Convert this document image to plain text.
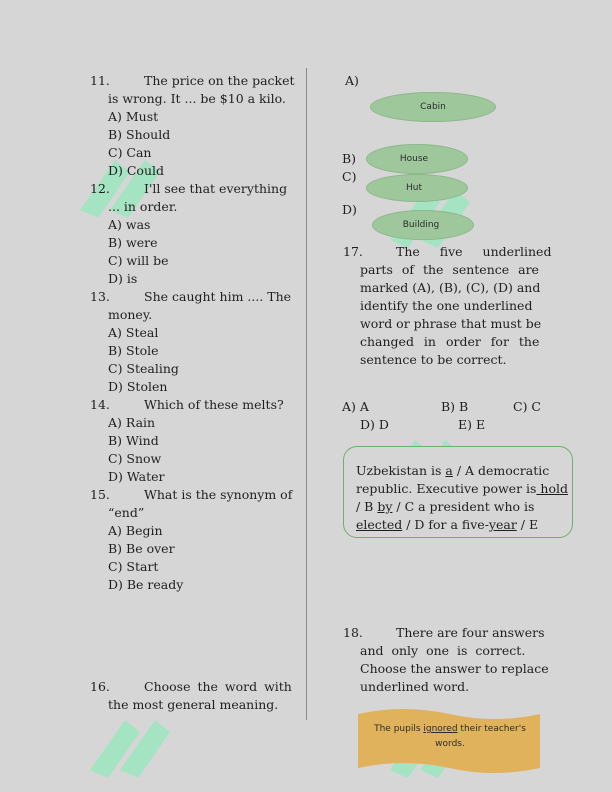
11.	The price on the packet
is wrong. It ... be $10 a kilo.
A) Must
B) Should
C) Can
D) Could
12.	I'll see that everything
... in order.
A) was
B) were
C) will be
D) is
13.	She caught him .... The
money.
A) Steal
B) Stole
C) Stealing
D) Stolen
14.	Which of these melts?
A) Rain
B) Wind
C) Snow
D) Water
15.	What is the synonym of
“end”
A) Begin
B) Be over
C) Start
D) Be ready
16.	Choose the word with
the most general meaning.
A)
Cabin
B)	House
C)
Hut
D)
Building
17.	The five underlined
parts of the sentence are
marked (A), (B), (C), (D) and
identify the one underlined
word or phrase that must be
changed in order for the
sentence to be correct.
A) A	B) B	C) C
D) D	E) E
Uzbekistan is a / A democratic
republic. Executive power is hold
/ B by / C a president who is
elected / D for a five-year / E
18.	There are four answers
and only one is correct.
Choose the answer to replace
underlined word.
The pupils ignored their teacher's
words.
